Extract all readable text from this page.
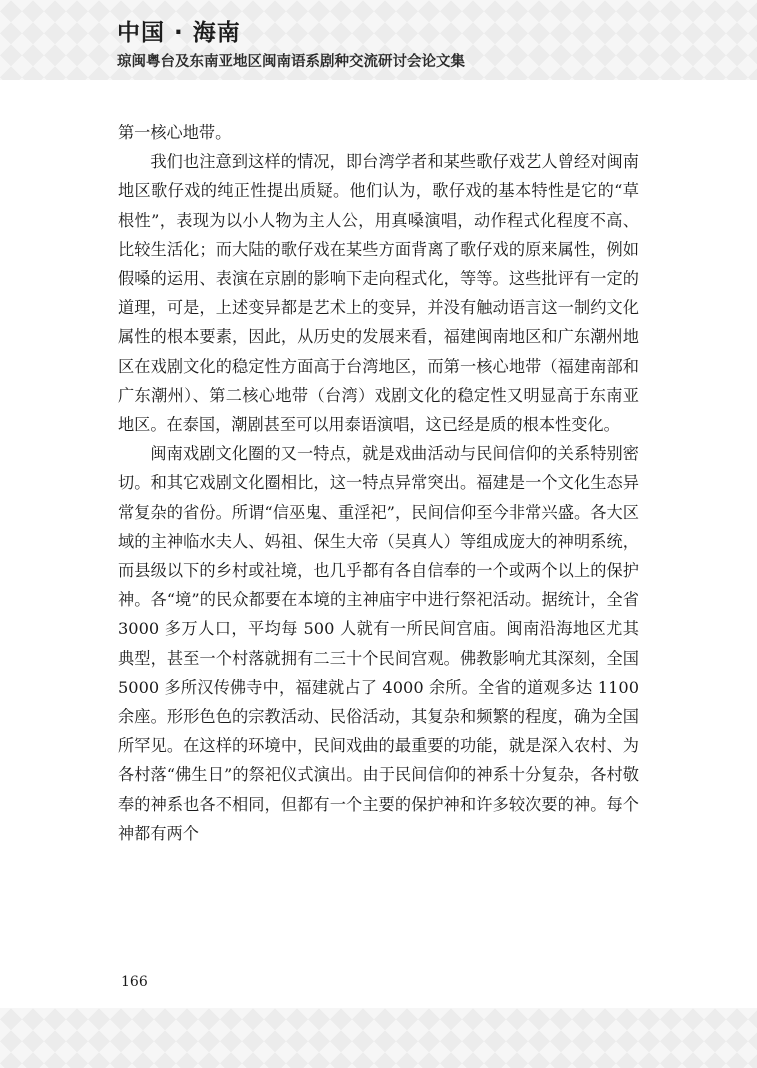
中国 · 海南
琼闽粤台及东南亚地区闽南语系剧种交流研讨会论文集

第一核心地带。

我们也注意到这样的情况，即台湾学者和某些歌仔戏艺人曾经对闽南地区歌仔戏的纯正性提出质疑。他们认为，歌仔戏的基本特性是它的“草根性”，表现为以小人物为主人公，用真嗓演唱，动作程式化程度不高、比较生活化；而大陆的歌仔戏在某些方面背离了歌仔戏的原来属性，例如假嗓的运用、表演在京剧的影响下走向程式化，等等。这些批评有一定的道理，可是，上述变异都是艺术上的变异，并没有触动语言这一制约文化属性的根本要素，因此，从历史的发展来看，福建闽南地区和广东潮州地区在戏剧文化的稳定性方面高于台湾地区，而第一核心地带（福建南部和广东潮州）、第二核心地带（台湾）戏剧文化的稳定性又明显高于东南亚地区。在泰国，潮剧甚至可以用泰语演唱，这已经是质的根本性变化。

闽南戏剧文化圈的又一特点，就是戏曲活动与民间信仰的关系特别密切。和其它戏剧文化圈相比，这一特点异常突出。福建是一个文化生态异常复杂的省份。所谓“信巫鬼、重淫祀”，民间信仰至今非常兴盛。各大区域的主神临水夫人、妈祖、保生大帝（吴真人）等组成庞大的神明系统，而县级以下的乡村或社境，也几乎都有各自信奉的一个或两个以上的保护神。各“境”的民众都要在本境的主神庙宇中进行祭祀活动。据统计，全省 3000 多万人口，平均每 500 人就有一所民间宫庙。闽南沿海地区尤其典型，甚至一个村落就拥有二三十个民间宫观。佛教影响尤其深刻，全国 5000 多所汉传佛寺中，福建就占了 4000 余所。全省的道观多达 1100 余座。形形色色的宗教活动、民俗活动，其复杂和频繁的程度，确为全国所罕见。在这样的环境中，民间戏曲的最重要的功能，就是深入农村、为各村落“佛生日”的祭祀仪式演出。由于民间信仰的神系十分复杂，各村敬奉的神系也各不相同，但都有一个主要的保护神和许多较次要的神。每个神都有两个

166
